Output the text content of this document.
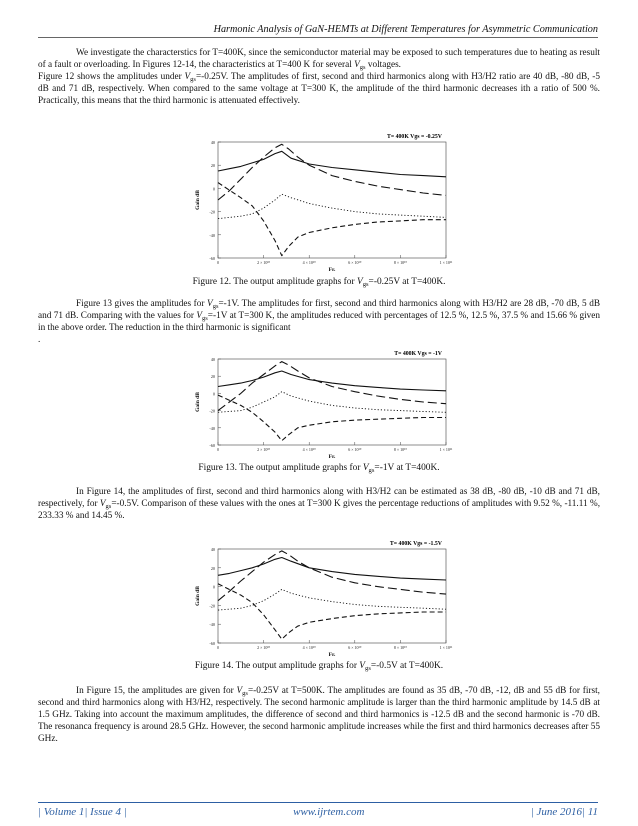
Harmonic Analysis of GaN-HEMTs at Different Temperatures for Asymmetric Communication

We investigate the characterstics for T=400K, since the semiconductor material may be exposed to such temperatures due to heating as result of a fault or overloading. In Figures 12-14, the characteristics at T=400 K for several $V_{gs}$ voltages.

Figure 12 shows the amplitudes under $V_{gs}=-0.25V$. The amplitudes of first, second and third harmonics along with H3/H2 ratio are 40 dB, -80 dB, -5 dB and 71 dB, respectively. When compared to the same voltage at T=300 K, the amplitude of the third harmonic decreases ith a ratio of 500 %. Practically, this means that the third harmonic is attenuated effectively.

-60
-40
-20
0
20
40
0	2 × 10¹⁰	4 × 10¹⁰	6 × 10¹⁰	8 × 10¹⁰	1 × 10¹¹
Fr.
Gain dB
T= 400K Vgs = -0.25V
Figure 12. The output amplitude graphs for $V_{gs}=-0.25V$ at T=400K.

Figure 13 gives the amplitudes for $V_{gs}=-1V$. The amplitudes for first, second and third harmonics along with H3/H2 are 28 dB, -70 dB, 5 dB and 71 dB. Comparing with the values for $V_{gs}=-1V$ at T=300 K, the amplitudes reduced with percentages of 12.5 %, 12.5 %, 37.5 % and 15.66 % given in the above order. The reduction in the third harmonic is significant
.

-60
-40
-20
0
20
40
0	2 × 10¹⁰	4 × 10¹⁰	6 × 10¹⁰	8 × 10¹⁰	1 × 10¹¹
Fr.
Gain dB
T= 400K Vgs = -1V
Figure 13. The output amplitude graphs for $V_{gs}=-1V$ at T=400K.

In Figure 14, the amplitudes of first, second and third harmonics along with H3/H2 can be estimated as 38 dB, -80 dB, -10 dB and 71 dB, respectively, for $V_{gs}=-0.5V$. Comparison of these values with the ones at T=300 K gives the percentage reductions of amplitudes with 9.52 %, -11.11 %, 233.33 % and 14.45 %.

-60
-40
-20
0
20
40
0	2 × 10¹⁰	4 × 10¹⁰	6 × 10¹⁰	8 × 10¹⁰	1 × 10¹¹
Fr.
Gain dB
T= 400K Vgs = -1.5V
Figure 14. The output amplitude graphs for $V_{gs}=-0.5V$ at T=400K.

In Figure 15, the amplitudes are given for $V_{gs}=-0.25V$ at T=500K. The amplitudes are found as 35 dB, -70 dB, -12, dB and 55 dB for first, second and third harmonics along with H3/H2, respectively. The second harmonic amplitude is larger than the third harmonic amplitude by 14.5 dB at 1.5 GHz. Taking into account the maximum amplitudes, the difference of second and third harmonics is -12.5 dB and the second harmonic is -70 dB. The resonanca frequency is around 28.5 GHz. However, the second harmonic amplitude increases while the first and third harmonics decreases after 55 GHz.

| Volume 1| Issue 4 |	www.ijrtem.com	| June 2016| 11
